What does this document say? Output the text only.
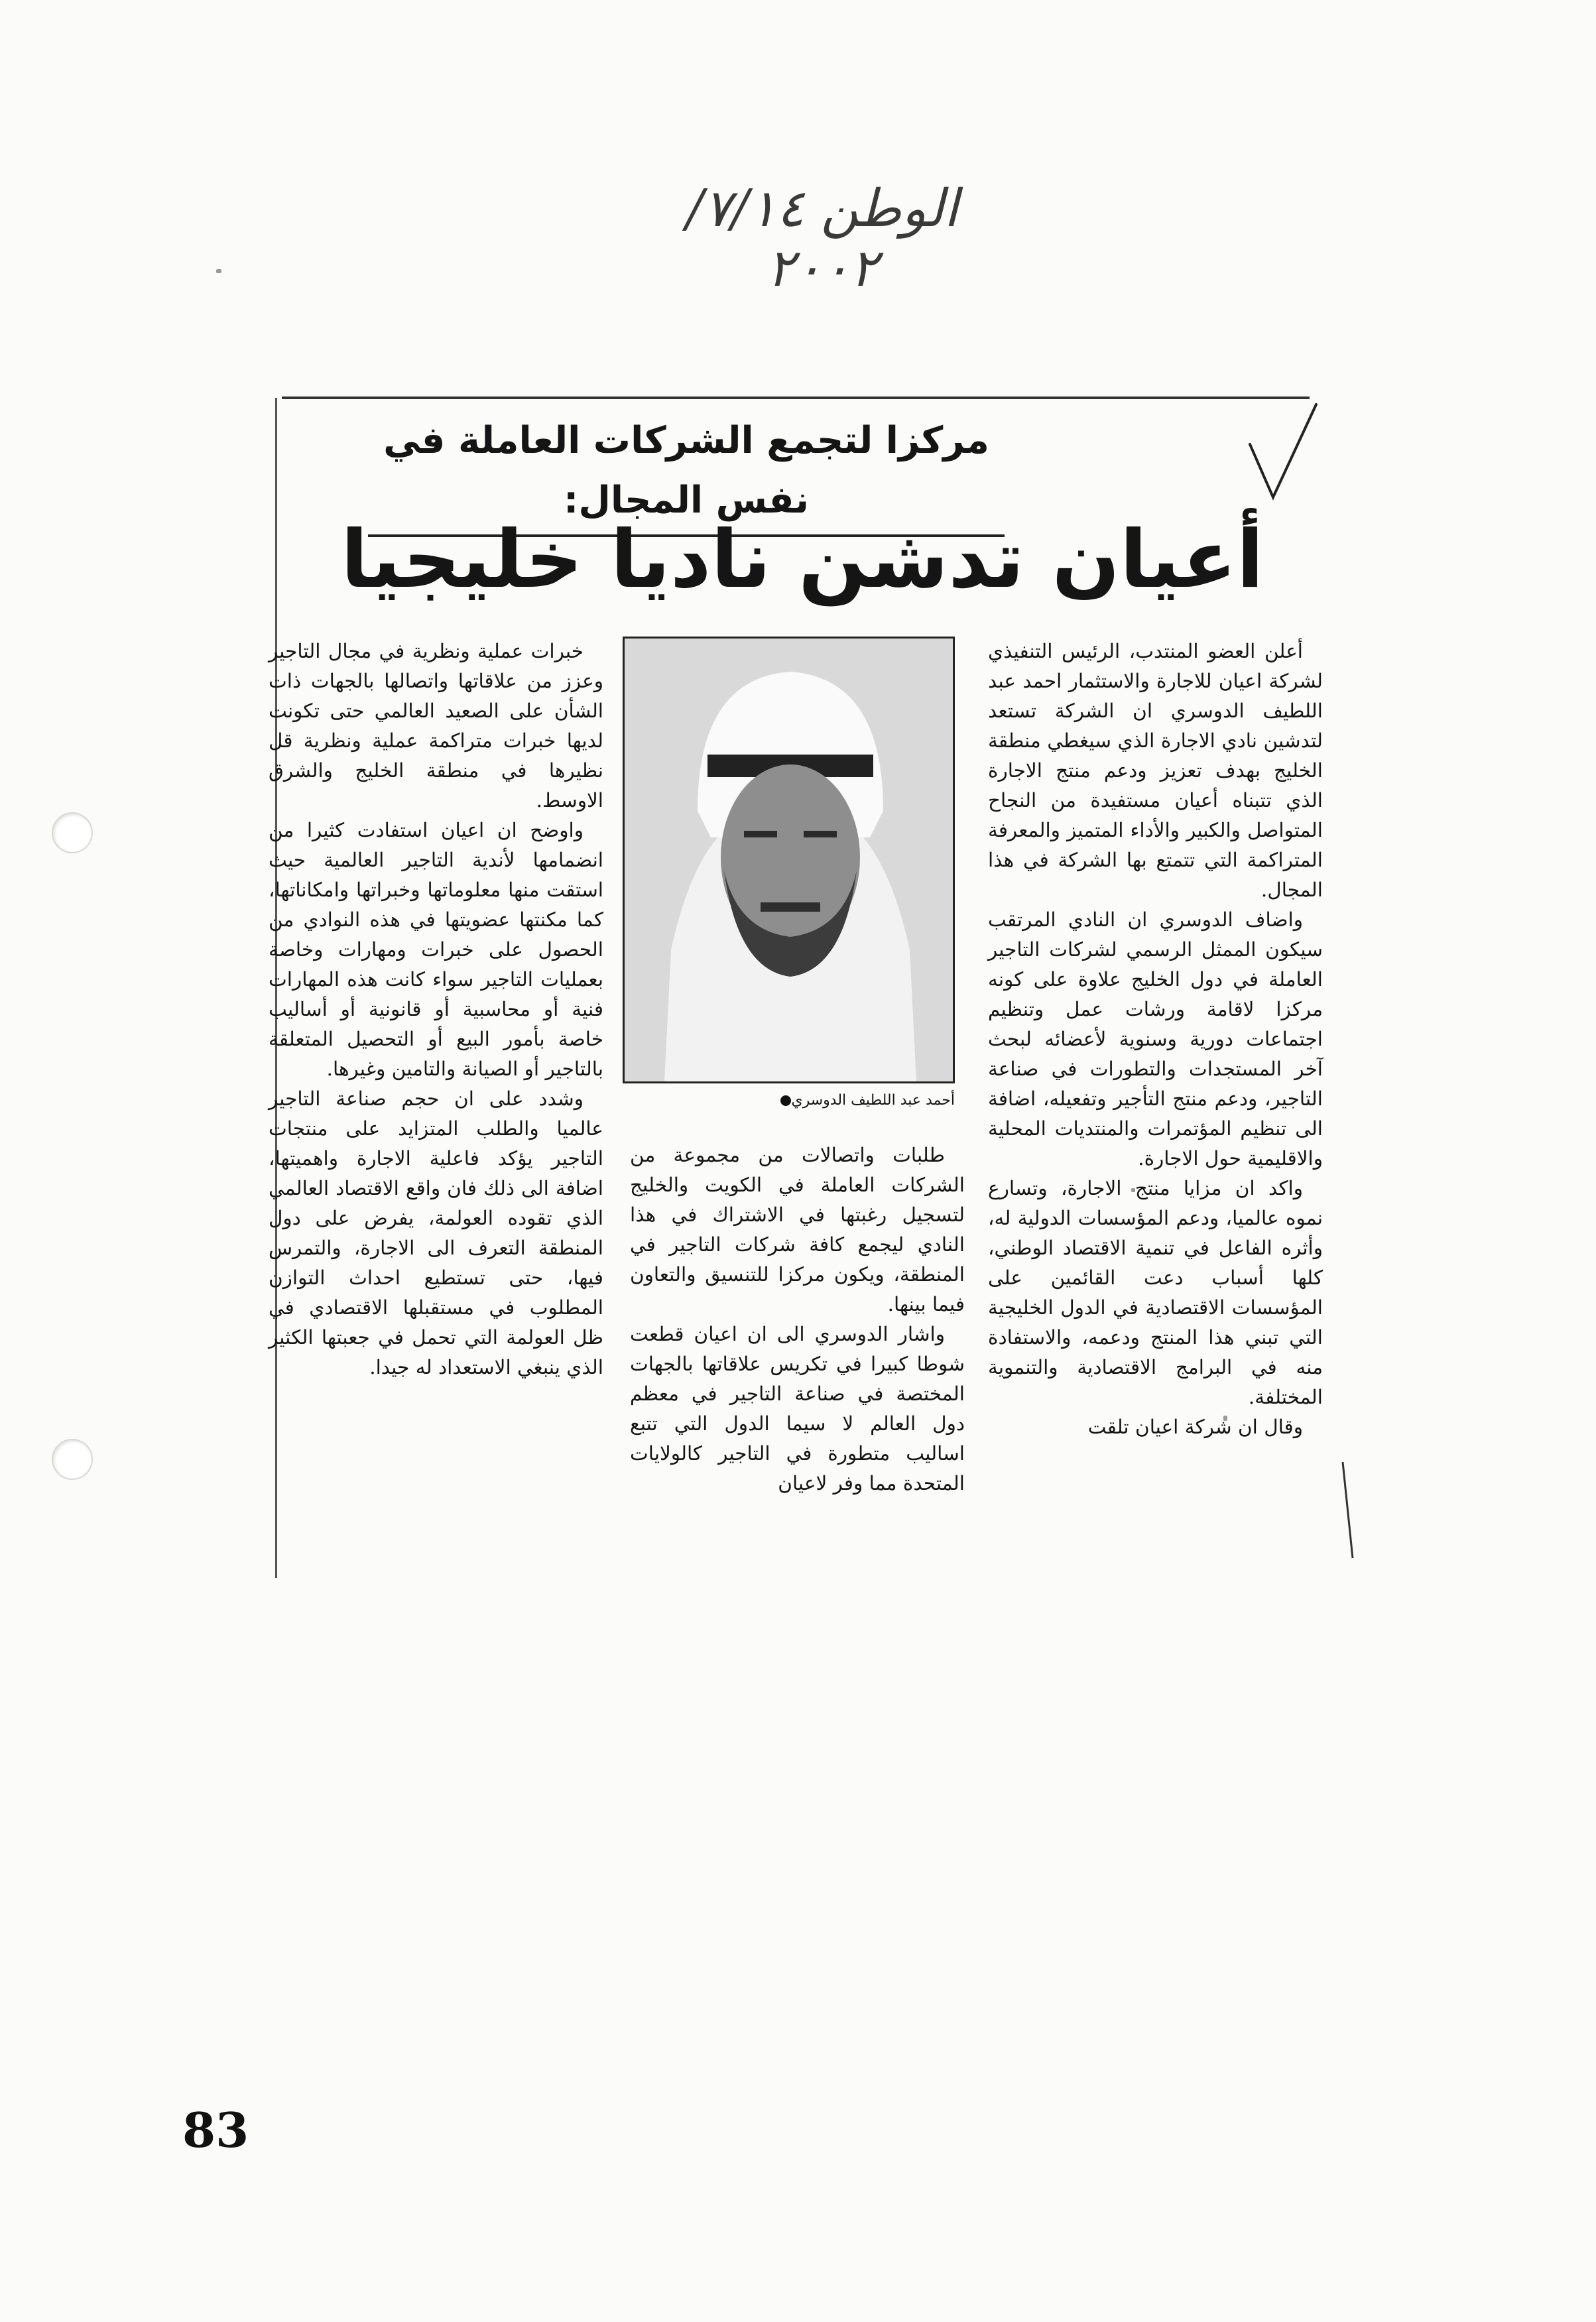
الوطن ٧/١٤/ ٢٠٠٢
مركزا لتجمع الشركات العاملة في نفس المجال:
أعيان تدشن ناديا خليجيا

أعلن العضو المنتدب، الرئيس التنفيذي لشركة اعيان للاجارة والاستثمار احمد عبد اللطيف الدوسري ان الشركة تستعد لتدشين نادي الاجارة الذي سيغطي منطقة الخليج بهدف تعزيز ودعم منتج الاجارة الذي تتبناه أعيان مستفيدة من النجاح المتواصل والكبير والأداء المتميز والمعرفة المتراكمة التي تتمتع بها الشركة في هذا المجال.

واضاف الدوسري ان النادي المرتقب سيكون الممثل الرسمي لشركات التاجير العاملة في دول الخليج علاوة على كونه مركزا لاقامة ورشات عمل وتنظيم اجتماعات دورية وسنوية لأعضائه لبحث آخر المستجدات والتطورات في صناعة التاجير، ودعم منتج التأجير وتفعيله، اضافة الى تنظيم المؤتمرات والمنتديات المحلية والاقليمية حول الاجارة.

واكد ان مزايا منتج الاجارة، وتسارع نموه عالميا، ودعم المؤسسات الدولية له، وأثره الفاعل في تنمية الاقتصاد الوطني، كلها أسباب دعت القائمين على المؤسسات الاقتصادية في الدول الخليجية التي تبني هذا المنتج ودعمه، والاستفادة منه في البرامج الاقتصادية والتنموية المختلفة.

وقال ان شركة اعيان تلقت

أحمد عبد اللطيف الدوسري

طلبات واتصالات من مجموعة من الشركات العاملة في الكويت والخليج لتسجيل رغبتها في الاشتراك في هذا النادي ليجمع كافة شركات التاجير في المنطقة، ويكون مركزا للتنسيق والتعاون فيما بينها.

واشار الدوسري الى ان اعيان قطعت شوطا كبيرا في تكريس علاقاتها بالجهات المختصة في صناعة التاجير في معظم دول العالم لا سيما الدول التي تتبع اساليب متطورة في التاجير كالولايات المتحدة مما وفر لاعيان

خبرات عملية ونظرية في مجال التاجير وعزز من علاقاتها واتصالها بالجهات ذات الشأن على الصعيد العالمي حتى تكونت لديها خبرات متراكمة عملية ونظرية قل نظيرها في منطقة الخليج والشرق الاوسط.

واوضح ان اعيان استفادت كثيرا من انضمامها لأندية التاجير العالمية حيث استقت منها معلوماتها وخبراتها وامكاناتها، كما مكنتها عضويتها في هذه النوادي من الحصول على خبرات ومهارات وخاصة بعمليات التاجير سواء كانت هذه المهارات فنية أو محاسبية أو قانونية أو أساليب خاصة بأمور البيع أو التحصيل المتعلقة بالتاجير أو الصيانة والتامين وغيرها.

وشدد على ان حجم صناعة التاجير عالميا والطلب المتزايد على منتجات التاجير يؤكد فاعلية الاجارة واهميتها، اضافة الى ذلك فان واقع الاقتصاد العالمي الذي تقوده العولمة، يفرض على دول المنطقة التعرف الى الاجارة، والتمرس فيها، حتى تستطيع احداث التوازن المطلوب في مستقبلها الاقتصادي في ظل العولمة التي تحمل في جعبتها الكثير الذي ينبغي الاستعداد له جيدا.

83
